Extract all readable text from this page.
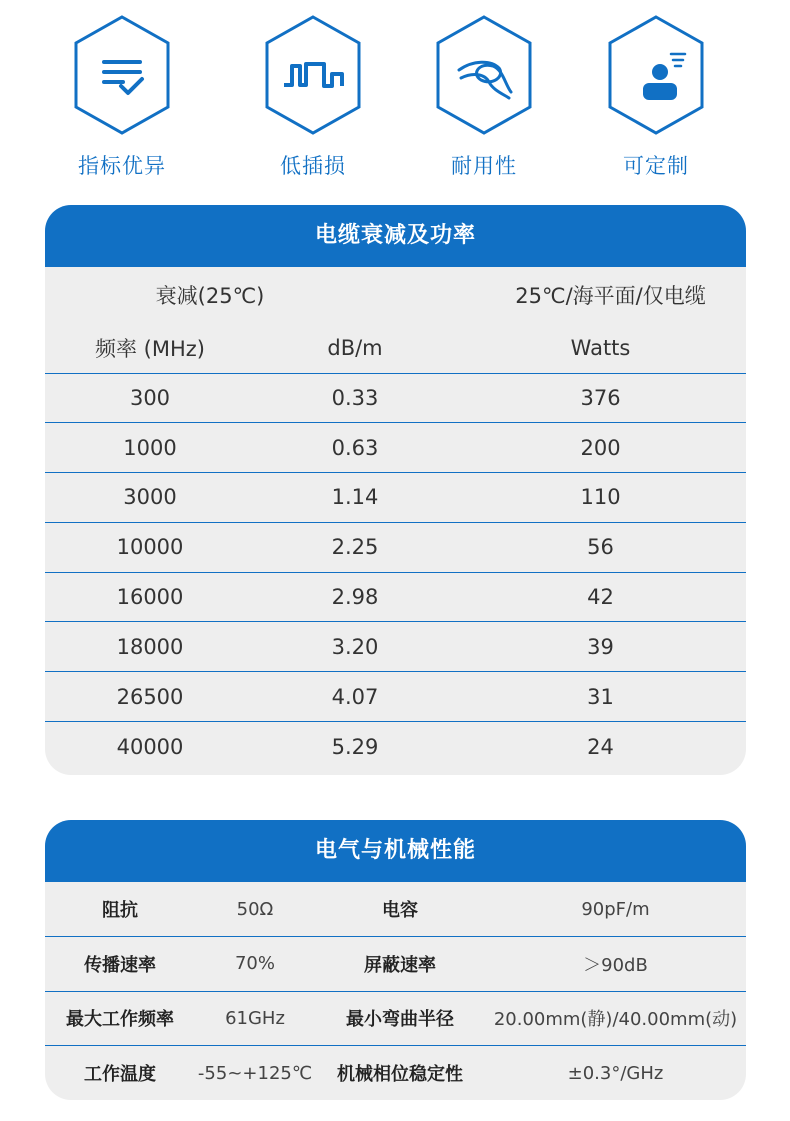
指标优异	低插损	耐用性	可定制
电缆衰减及功率
衰减(25℃)		25℃/海平面/仅电缆
频率 (MHz)	dB/m	Watts
300	0.33	376
1000	0.63	200
3000	1.14	110
10000	2.25	56
16000	2.98	42
18000	3.20	39
26500	4.07	31
40000	5.29	24
电气与机械性能
阻抗	50Ω	电容	90pF/m
传播速率	70%	屏蔽速率	＞90dB
最大工作频率	61GHz	最小弯曲半径	20.00mm(静)/40.00mm(动)
工作温度	-55~+125℃	机械相位稳定性	±0.3°/GHz
